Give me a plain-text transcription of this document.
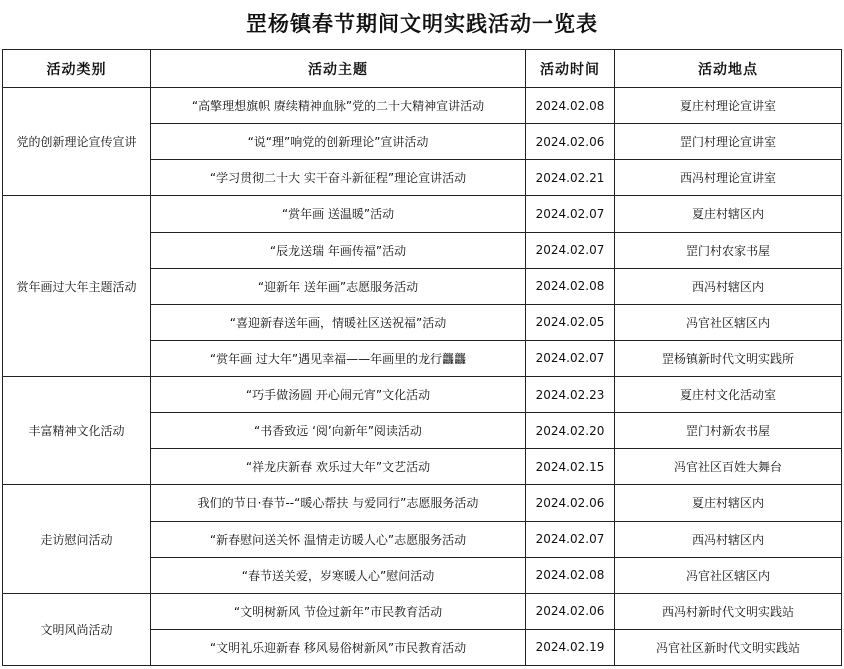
罡杨镇春节期间文明实践活动一览表
活动类别	活动主题	活动时间	活动地点
党的创新理论宣传宣讲	“高擎理想旗帜 赓续精神血脉”党的二十大精神宣讲活动	2024.02.08	夏庄村理论宣讲室
	“说“理”响党的创新理论”宣讲活动	2024.02.06	罡门村理论宣讲室
	“学习贯彻二十大 实干奋斗新征程”理论宣讲活动	2024.02.21	西冯村理论宣讲室
赏年画过大年主题活动	“赏年画 送温暖”活动	2024.02.07	夏庄村辖区内
	“辰龙送瑞 年画传福”活动	2024.02.07	罡门村农家书屋
	“迎新年 送年画”志愿服务活动	2024.02.08	西冯村辖区内
	“喜迎新春送年画，情暖社区送祝福”活动	2024.02.05	冯官社区辖区内
	“赏年画 过大年”遇见幸福——年画里的龙行龘龘	2024.02.07	罡杨镇新时代文明实践所
丰富精神文化活动	“巧手做汤圆 开心闹元宵”文化活动	2024.02.23	夏庄村文化活动室
	“书香致远 ‘阅’向新年”阅读活动	2024.02.20	罡门村新农书屋
	“祥龙庆新春 欢乐过大年”文艺活动	2024.02.15	冯官社区百姓大舞台
走访慰问活动	我们的节日·春节--“暖心帮扶 与爱同行”志愿服务活动	2024.02.06	夏庄村辖区内
	“新春慰问送关怀 温情走访暖人心”志愿服务活动	2024.02.07	西冯村辖区内
	“春节送关爱，岁寒暖人心”慰问活动	2024.02.08	冯官社区辖区内
文明风尚活动	“文明树新风 节俭过新年”市民教育活动	2024.02.06	西冯村新时代文明实践站
	“文明礼乐迎新春 移风易俗树新风”市民教育活动	2024.02.19	冯官社区新时代文明实践站
